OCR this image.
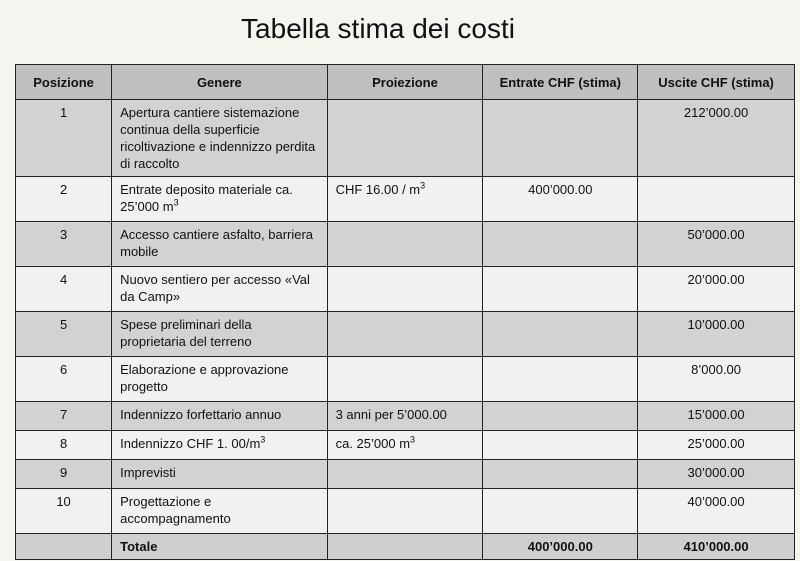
Tabella stima dei costi
Posizione	Genere	Proiezione	Entrate CHF (stima)	Uscite CHF (stima)
1	Apertura cantiere sistemazione continua della superficie ricoltivazione e indennizzo perdita di raccolto			212’000.00
2	Entrate deposito materiale ca. 25’000 $m^3$	CHF $16.00 / m^3$	400’000.00	
3	Accesso cantiere asfalto, barriera mobile			50’000.00
4	Nuovo sentiero per accesso «Val da Camp»			20’000.00
5	Spese preliminari della proprietaria del terreno			10’000.00
6	Elaborazione e approvazione progetto			8’000.00
7	Indennizzo forfettario annuo	3 anni per 5’000.00		15’000.00
8	Indennizzo CHF 1. $00/m^3$	ca. 25’000 $m^3$		25’000.00
9	Imprevisti			30’000.00
10	Progettazione e accompagnamento			40’000.00
	Totale		400’000.00	410’000.00
